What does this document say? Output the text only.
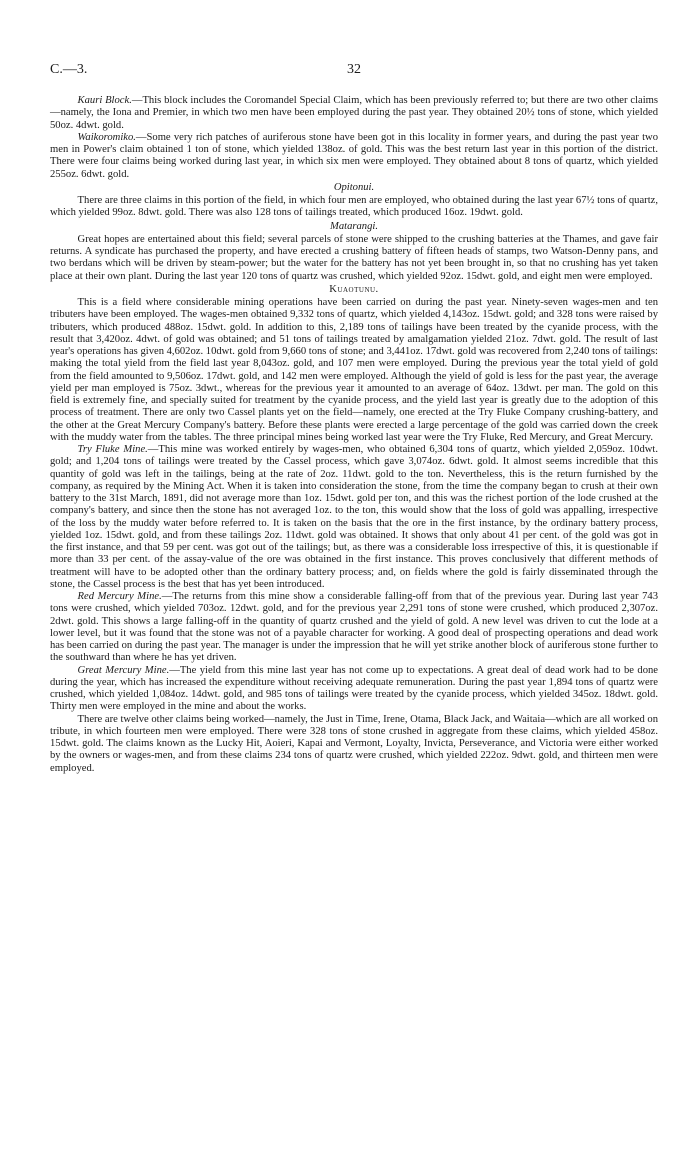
C.—3.	32

Kauri Block.—This block includes the Coromandel Special Claim, which has been previously referred to; but there are two other claims—namely, the Iona and Premier, in which two men have been employed during the past year. They obtained 20½ tons of stone, which yielded 50oz. 4dwt. gold.

Waikoromiko.—Some very rich patches of auriferous stone have been got in this locality in former years, and during the past year two men in Power's claim obtained 1 ton of stone, which yielded 138oz. of gold. This was the best return last year in this portion of the district. There were four claims being worked during last year, in which six men were employed. They obtained about 8 tons of quartz, which yielded 255oz. 6dwt. gold.

Opitonui.

There are three claims in this portion of the field, in which four men are employed, who obtained during the last year 67½ tons of quartz, which yielded 99oz. 8dwt. gold. There was also 128 tons of tailings treated, which produced 16oz. 19dwt. gold.

Matarangi.

Great hopes are entertained about this field; several parcels of stone were shipped to the crushing batteries at the Thames, and gave fair returns. A syndicate has purchased the property, and have erected a crushing battery of fifteen heads of stamps, two Watson-Denny pans, and two berdans which will be driven by steam-power; but the water for the battery has not yet been brought in, so that no crushing has yet taken place at their own plant. During the last year 120 tons of quartz was crushed, which yielded 92oz. 15dwt. gold, and eight men were employed.

Kuaotunu.

This is a field where considerable mining operations have been carried on during the past year. Ninety-seven wages-men and ten tributers have been employed. The wages-men obtained 9,332 tons of quartz, which yielded 4,143oz. 15dwt. gold; and 328 tons were raised by tributers, which produced 488oz. 15dwt. gold. In addition to this, 2,189 tons of tailings have been treated by the cyanide process, with the result that 3,420oz. 4dwt. of gold was obtained; and 51 tons of tailings treated by amalgamation yielded 21oz. 7dwt. gold. The result of last year's operations has given 4,602oz. 10dwt. gold from 9,660 tons of stone; and 3,441oz. 17dwt. gold was recovered from 2,240 tons of tailings: making the total yield from the field last year 8,043oz. gold, and 107 men were employed. During the previous year the total yield of gold from the field amounted to 9,506oz. 17dwt. gold, and 142 men were employed. Although the yield of gold is less for the past year, the average yield per man employed is 75oz. 3dwt., whereas for the previous year it amounted to an average of 64oz. 13dwt. per man. The gold on this field is extremely fine, and specially suited for treatment by the cyanide process, and the yield last year is greatly due to the adoption of this process of treatment. There are only two Cassel plants yet on the field—namely, one erected at the Try Fluke Company crushing-battery, and the other at the Great Mercury Company's battery. Before these plants were erected a large percentage of the gold was carried down the creek with the muddy water from the tables. The three principal mines being worked last year were the Try Fluke, Red Mercury, and Great Mercury.

Try Fluke Mine.—This mine was worked entirely by wages-men, who obtained 6,304 tons of quartz, which yielded 2,059oz. 10dwt. gold; and 1,204 tons of tailings were treated by the Cassel process, which gave 3,074oz. 6dwt. gold. It almost seems incredible that this quantity of gold was left in the tailings, being at the rate of 2oz. 11dwt. gold to the ton. Nevertheless, this is the return furnished by the company, as required by the Mining Act. When it is taken into consideration the stone, from the time the company began to crush at their own battery to the 31st March, 1891, did not average more than 1oz. 15dwt. gold per ton, and this was the richest portion of the lode crushed at the company's battery, and since then the stone has not averaged 1oz. to the ton, this would show that the loss of gold was appalling, irrespective of the loss by the muddy water before referred to. It is taken on the basis that the ore in the first instance, by the ordinary battery process, yielded 1oz. 15dwt. gold, and from these tailings 2oz. 11dwt. gold was obtained. It shows that only about 41 per cent. of the gold was got in the first instance, and that 59 per cent. was got out of the tailings; but, as there was a considerable loss irrespective of this, it is questionable if more than 33 per cent. of the assay-value of the ore was obtained in the first instance. This proves conclusively that different methods of treatment will have to be adopted other than the ordinary battery process; and, on fields where the gold is fairly disseminated through the stone, the Cassel process is the best that has yet been introduced.

Red Mercury Mine.—The returns from this mine show a considerable falling-off from that of the previous year. During last year 743 tons were crushed, which yielded 703oz. 12dwt. gold, and for the previous year 2,291 tons of stone were crushed, which produced 2,307oz. 2dwt. gold. This shows a large falling-off in the quantity of quartz crushed and the yield of gold. A new level was driven to cut the lode at a lower level, but it was found that the stone was not of a payable character for working. A good deal of prospecting operations and dead work has been carried on during the past year. The manager is under the impression that he will yet strike another block of auriferous stone further to the southward than where he has yet driven.

Great Mercury Mine.—The yield from this mine last year has not come up to expectations. A great deal of dead work had to be done during the year, which has increased the expenditure without receiving adequate remuneration. During the past year 1,894 tons of quartz were crushed, which yielded 1,084oz. 14dwt. gold, and 985 tons of tailings were treated by the cyanide process, which yielded 345oz. 18dwt. gold. Thirty men were employed in the mine and about the works.

There are twelve other claims being worked—namely, the Just in Time, Irene, Otama, Black Jack, and Waitaia—which are all worked on tribute, in which fourteen men were employed. There were 328 tons of stone crushed in aggregate from these claims, which yielded 458oz. 15dwt. gold. The claims known as the Lucky Hit, Aoieri, Kapai and Vermont, Loyalty, Invicta, Perseverance, and Victoria were either worked by the owners or wages-men, and from these claims 234 tons of quartz were crushed, which yielded 222oz. 9dwt. gold, and thirteen men were employed.
